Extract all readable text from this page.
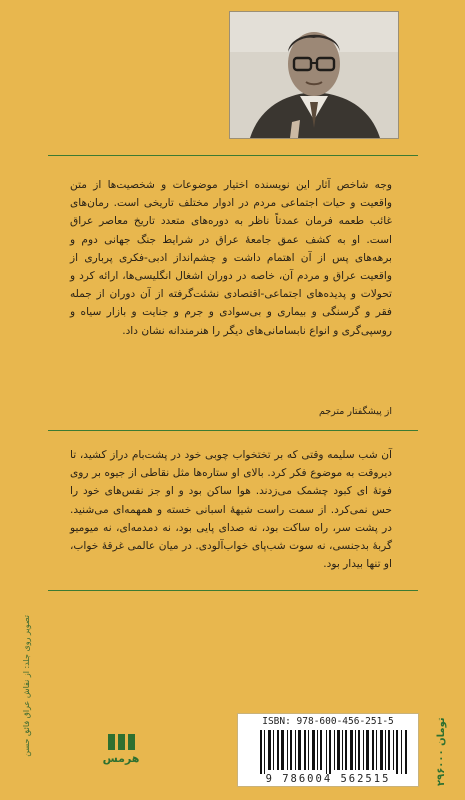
وجه شاخص آثار این نویسنده اختیار موضوعات و شخصیت‌ها از متن واقعیت و حیات اجتماعی مردم در ادوار مختلف تاریخی است. رمان‌های غائب طعمه فرمان عمدتاً ناظر به دوره‌های متعدد تاریخ معاصر عراق است. او به کشف عمق جامعهٔ عراق در شرایط جنگ جهانی دوم و برهه‌های پس از آن اهتمام داشت و چشم‌انداز ادبی-فکری پرباری از واقعیت عراق و مردم آن، خاصه در دوران اشغال انگلیسی‌ها، ارائه کرد و تحولات و پدیده‌های اجتماعی-اقتصادی نشئت‌گرفته از آن دوران از جمله فقر و گرسنگی و بیماری و بی‌سوادی و جرم و جنایت و بازار سیاه و روسپی‌گری و انواع نابسامانی‌های دیگر را هنرمندانه نشان داد.
از پیشگفتار مترجم
آن شب سلیمه وقتی که بر تختخواب چوبی خود در پشت‌بام دراز کشید، تا دیروقت به موضوع فکر کرد. بالای او ستاره‌ها مثل نقاطی از جیوه بر روی فوتهٔ ای کبود چشمک می‌زدند. هوا ساکن بود و او جز نفس‌های خود را حس نمی‌کرد. از سمت راست شیههٔ اسبانی خسته و همهمه‌ای می‌شنید. در پشت سر، راه ساکت بود، نه صدای پایی بود، نه دمدمه‌ای، نه میومیو گربهٔ بدجنسی، نه سوت شب‌پای خواب‌آلودی. در میان عالمی غرقهٔ خواب، او تنها بیدار بود.
تصویر روی جلد: از نقاش عراق فائق حسن
هرمس
ISBN: 978-600-456-251-5
9 786004 562515	۲۹۶۰۰۰ تومان
